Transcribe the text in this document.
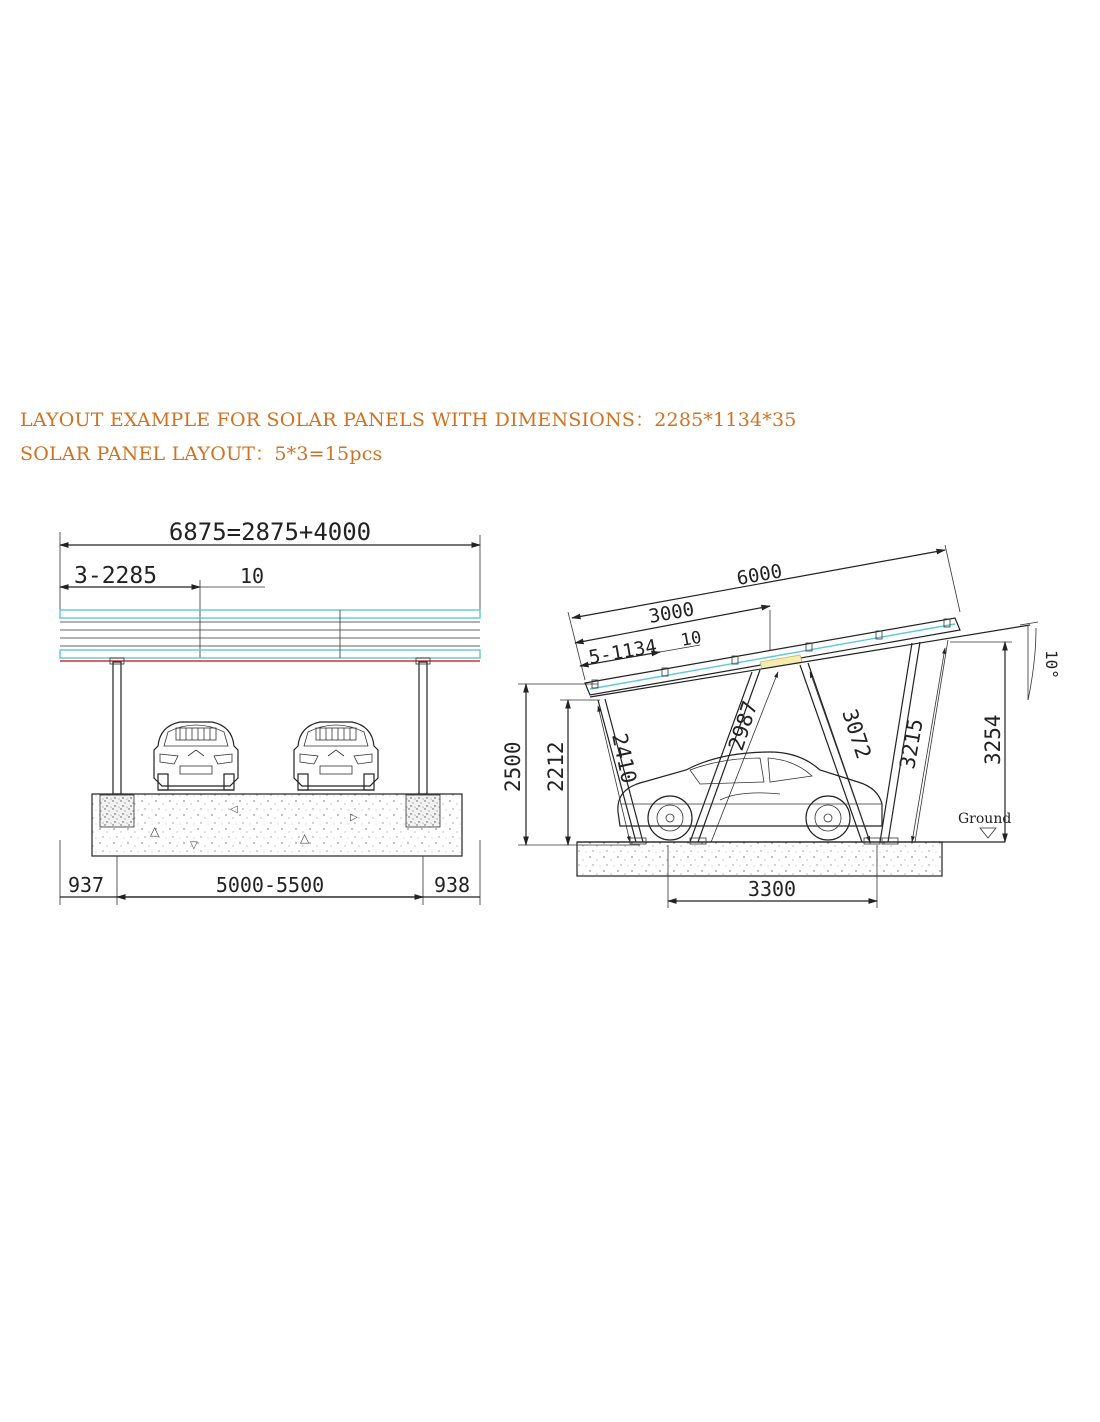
LAYOUT EXAMPLE FOR SOLAR PANELS WITH DIMENSIONS：2285*1134*35
SOLAR PANEL LAYOUT：5*3=15pcs
6875=2875+4000
3-2285	10
△
◁
△
▷
▽
937	5000-5500	938
6000
3000
5-1134 10
2410
2987	3072 3215
2500 2212
3254
10°
Ground
3300
